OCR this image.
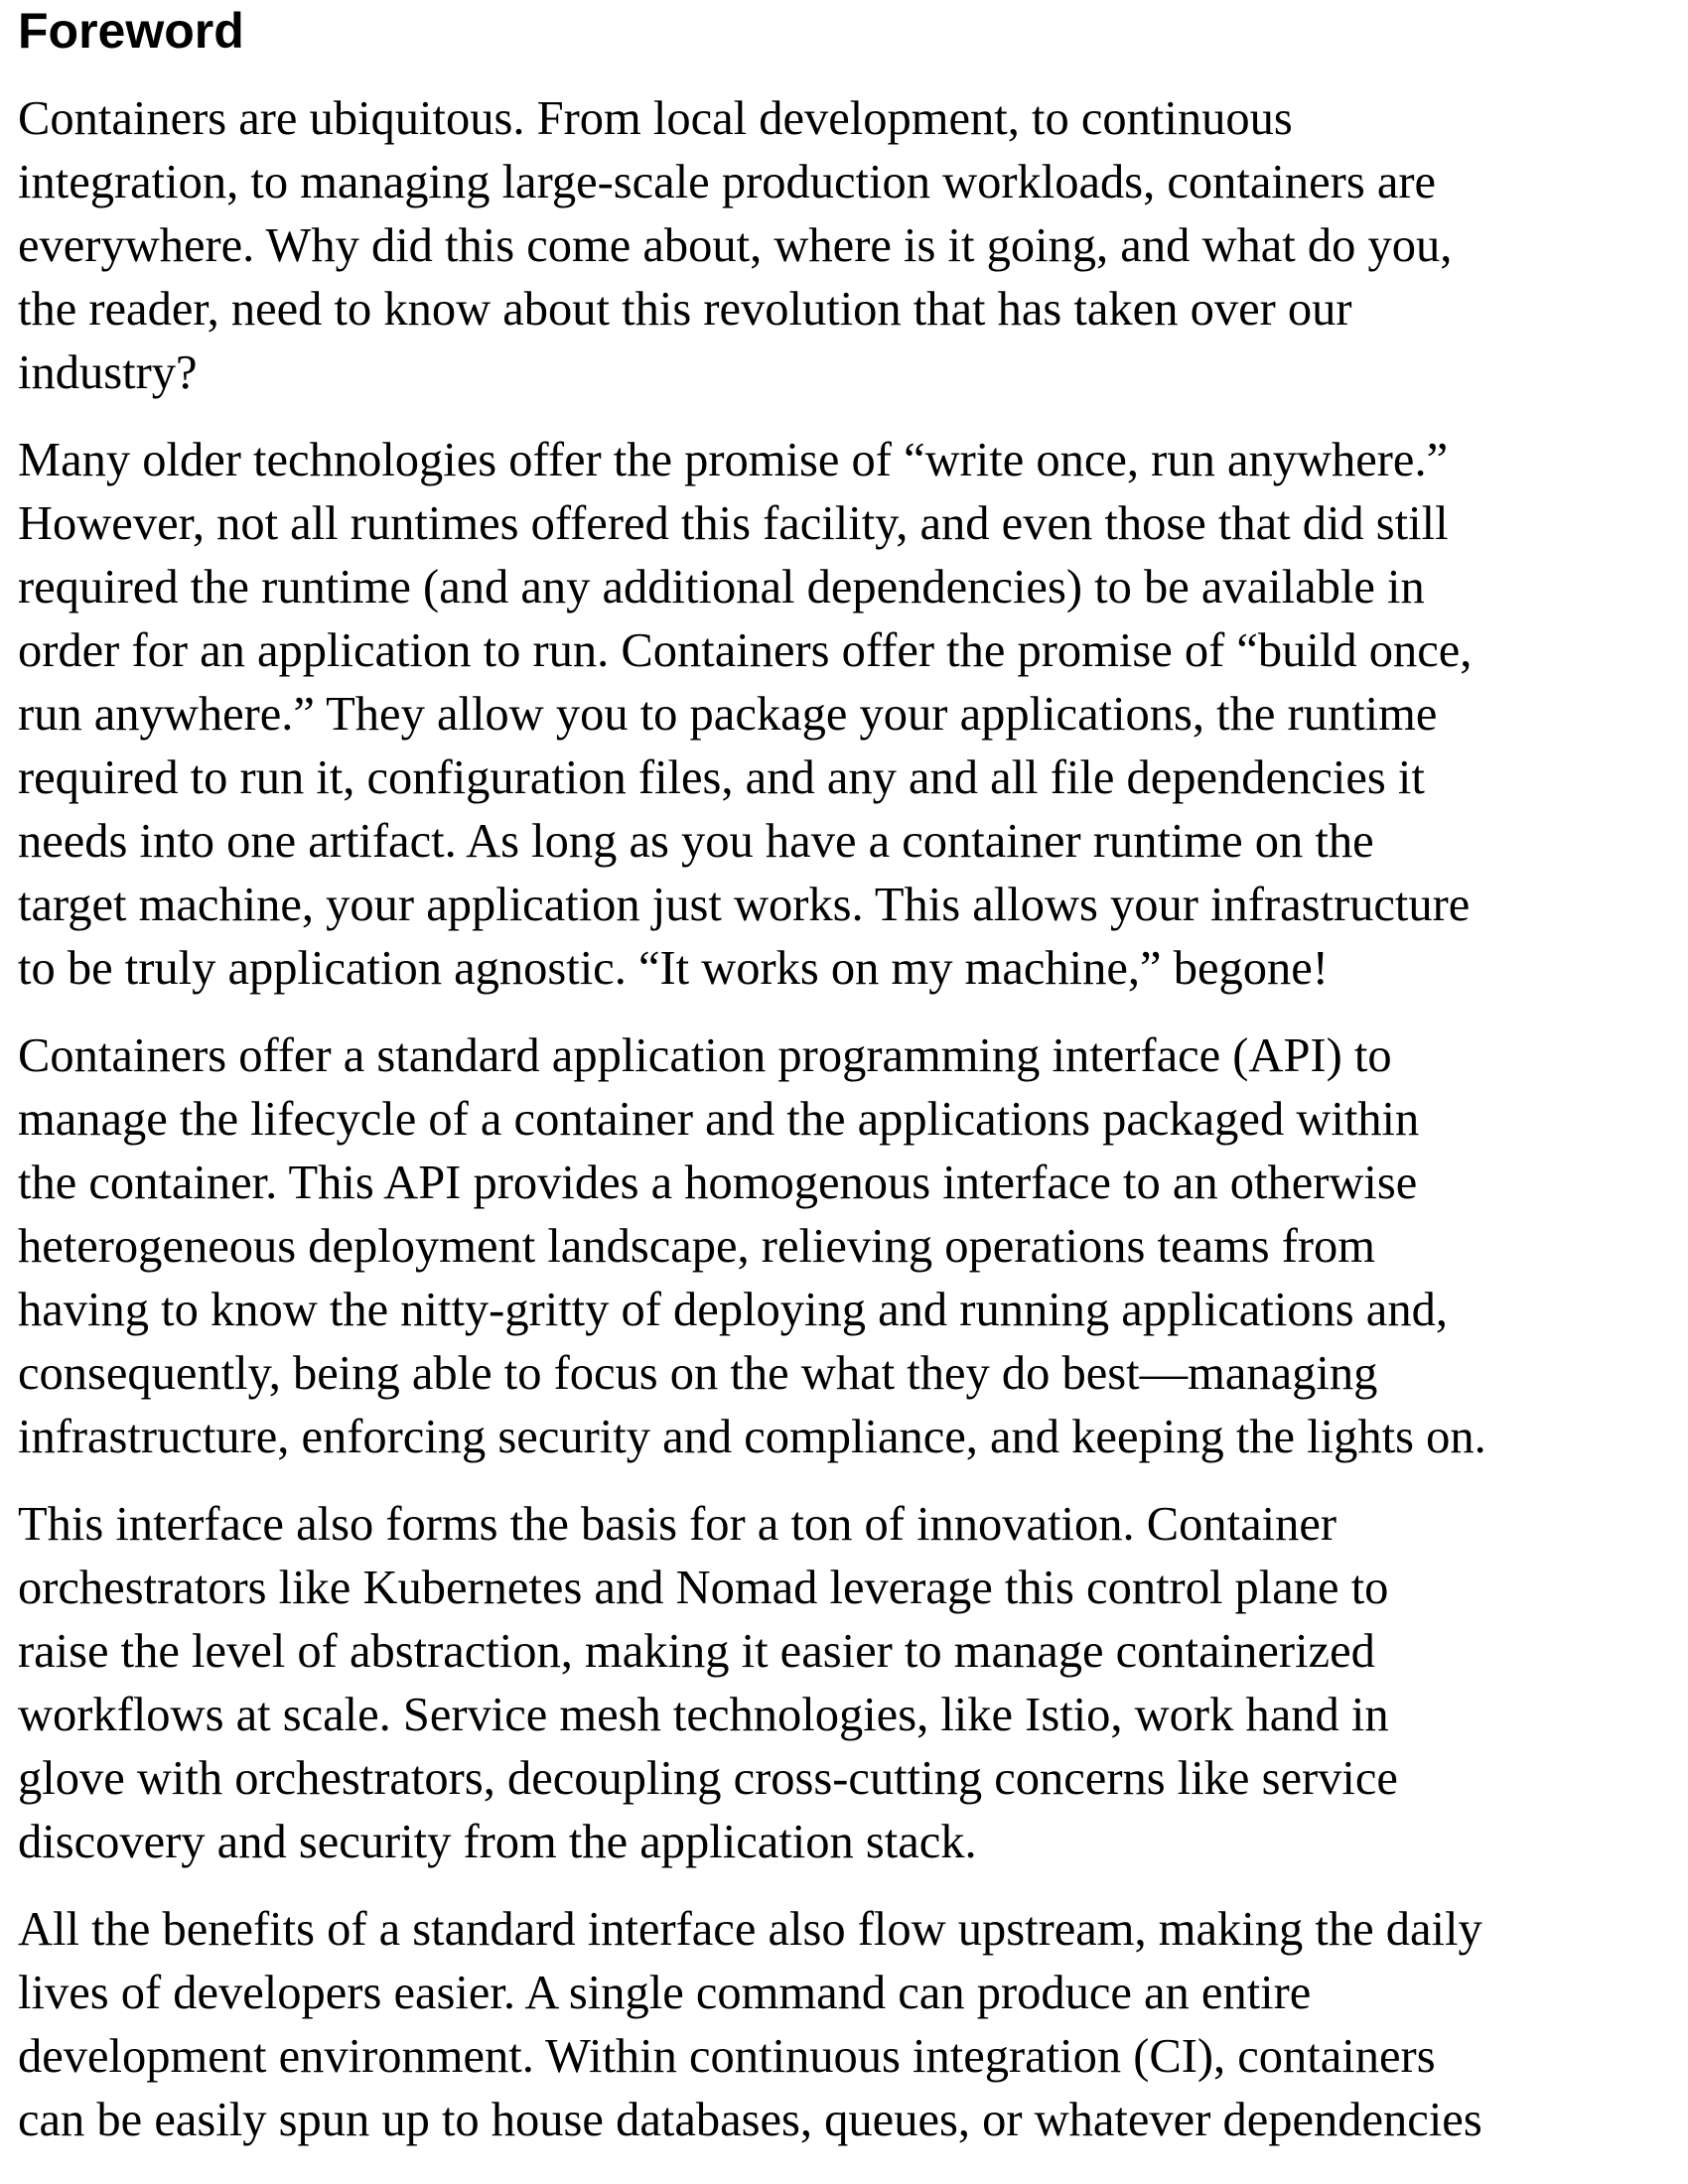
Foreword

Containers are ubiquitous. From local development, to continuous
integration, to managing large-scale production workloads, containers are
everywhere. Why did this come about, where is it going, and what do you,
the reader, need to know about this revolution that has taken over our
industry?

Many older technologies offer the promise of “write once, run anywhere.”
However, not all runtimes offered this facility, and even those that did still
required the runtime (and any additional dependencies) to be available in
order for an application to run. Containers offer the promise of “build once,
run anywhere.” They allow you to package your applications, the runtime
required to run it, configuration files, and any and all file dependencies it
needs into one artifact. As long as you have a container runtime on the
target machine, your application just works. This allows your infrastructure
to be truly application agnostic. “It works on my machine,” begone!

Containers offer a standard application programming interface (API) to
manage the lifecycle of a container and the applications packaged within
the container. This API provides a homogenous interface to an otherwise
heterogeneous deployment landscape, relieving operations teams from
having to know the nitty-gritty of deploying and running applications and,
consequently, being able to focus on the what they do best—managing
infrastructure, enforcing security and compliance, and keeping the lights on.

This interface also forms the basis for a ton of innovation. Container
orchestrators like Kubernetes and Nomad leverage this control plane to
raise the level of abstraction, making it easier to manage containerized
workflows at scale. Service mesh technologies, like Istio, work hand in
glove with orchestrators, decoupling cross-cutting concerns like service
discovery and security from the application stack.

All the benefits of a standard interface also flow upstream, making the daily
lives of developers easier. A single command can produce an entire
development environment. Within continuous integration (CI), containers
can be easily spun up to house databases, queues, or whatever dependencies
